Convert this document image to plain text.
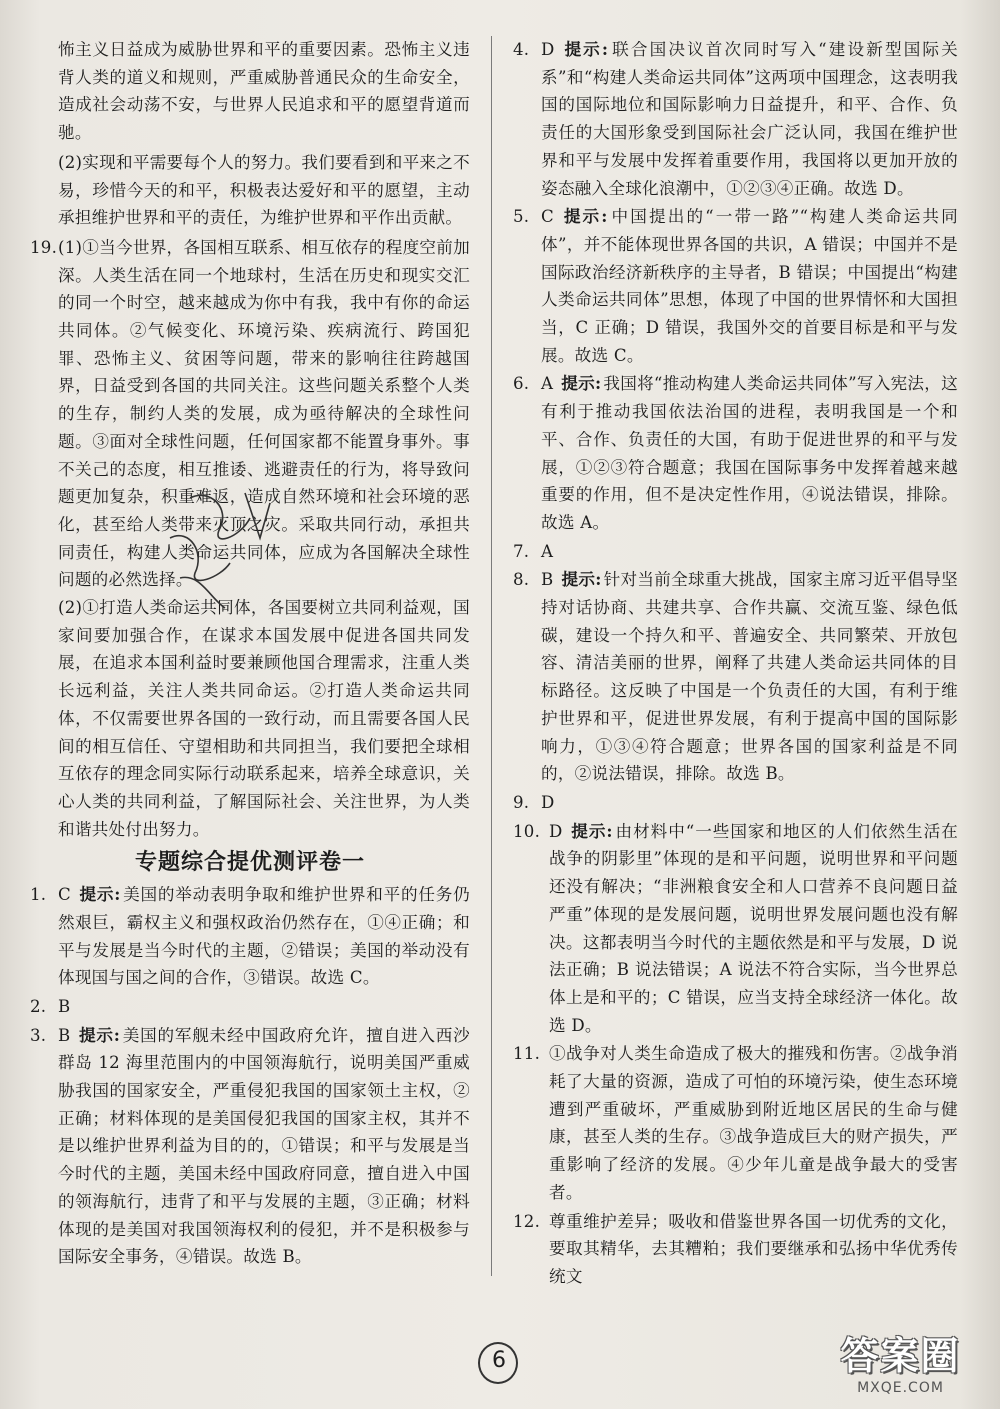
怖主义日益成为威胁世界和平的重要因素。恐怖主义违背人类的道义和规则，严重威胁普通民众的生命安全，造成社会动荡不安，与世界人民追求和平的愿望背道而驰。

(2)实现和平需要每个人的努力。我们要看到和平来之不易，珍惜今天的和平，积极表达爱好和平的愿望，主动承担维护世界和平的责任，为维护世界和平作出贡献。

19. (1)①当今世界，各国相互联系、相互依存的程度空前加深。人类生活在同一个地球村，生活在历史和现实交汇的同一个时空，越来越成为你中有我，我中有你的命运共同体。②气候变化、环境污染、疾病流行、跨国犯罪、恐怖主义、贫困等问题，带来的影响往往跨越国界，日益受到各国的共同关注。这些问题关系整个人类的生存，制约人类的发展，成为亟待解决的全球性问题。③面对全球性问题，任何国家都不能置身事外。事不关己的态度，相互推诿、逃避责任的行为，将导致问题更加复杂，积重难返，造成自然环境和社会环境的恶化，甚至给人类带来灭顶之灾。采取共同行动，承担共同责任，构建人类命运共同体，应成为各国解决全球性问题的必然选择。

(2)①打造人类命运共同体，各国要树立共同利益观，国家间要加强合作，在谋求本国发展中促进各国共同发展，在追求本国利益时要兼顾他国合理需求，注重人类长远利益，关注人类共同命运。②打造人类命运共同体，不仅需要世界各国的一致行动，而且需要各国人民间的相互信任、守望相助和共同担当，我们要把全球相互依存的理念同实际行动联系起来，培养全球意识，关心人类的共同利益，了解国际社会、关注世界，为人类和谐共处付出努力。

专题综合提优测评卷一
1. C 提示: 美国的举动表明争取和维护世界和平的任务仍然艰巨，霸权主义和强权政治仍然存在，①④正确；和平与发展是当今时代的主题，②错误；美国的举动没有体现国与国之间的合作，③错误。故选 C。
2. B
3. B 提示: 美国的军舰未经中国政府允许，擅自进入西沙群岛 12 海里范围内的中国领海航行，说明美国严重威胁我国的国家安全，严重侵犯我国的国家领土主权，②正确；材料体现的是美国侵犯我国的国家主权，其并不是以维护世界利益为目的的，①错误；和平与发展是当今时代的主题，美国未经中国政府同意，擅自进入中国的领海航行，违背了和平与发展的主题，③正确；材料体现的是美国对我国领海权利的侵犯，并不是积极参与国际安全事务，④错误。故选 B。
4. D 提示: 联合国决议首次同时写入“建设新型国际关系”和“构建人类命运共同体”这两项中国理念，这表明我国的国际地位和国际影响力日益提升，和平、合作、负责任的大国形象受到国际社会广泛认同，我国在维护世界和平与发展中发挥着重要作用，我国将以更加开放的姿态融入全球化浪潮中，①②③④正确。故选 D。
5. C 提示: 中国提出的“一带一路”“构建人类命运共同体”，并不能体现世界各国的共识，A 错误；中国并不是国际政治经济新秩序的主导者，B 错误；中国提出“构建人类命运共同体”思想，体现了中国的世界情怀和大国担当，C 正确；D 错误，我国外交的首要目标是和平与发展。故选 C。
6. A 提示: 我国将“推动构建人类命运共同体”写入宪法，这有利于推动我国依法治国的进程，表明我国是一个和平、合作、负责任的大国，有助于促进世界的和平与发展，①②③符合题意；我国在国际事务中发挥着越来越重要的作用，但不是决定性作用，④说法错误，排除。故选 A。
7. A
8. B 提示: 针对当前全球重大挑战，国家主席习近平倡导坚持对话协商、共建共享、合作共赢、交流互鉴、绿色低碳，建设一个持久和平、普遍安全、共同繁荣、开放包容、清洁美丽的世界，阐释了共建人类命运共同体的目标路径。这反映了中国是一个负责任的大国，有利于维护世界和平，促进世界发展，有利于提高中国的国际影响力，①③④符合题意；世界各国的国家利益是不同的，②说法错误，排除。故选 B。
9. D
10. D 提示: 由材料中“一些国家和地区的人们依然生活在战争的阴影里”体现的是和平问题，说明世界和平问题还没有解决；“非洲粮食安全和人口营养不良问题日益严重”体现的是发展问题，说明世界发展问题也没有解决。这都表明当今时代的主题依然是和平与发展，D 说法正确；B 说法错误；A 说法不符合实际，当今世界总体上是和平的；C 错误，应当支持全球经济一体化。故选 D。
11. ①战争对人类生命造成了极大的摧残和伤害。②战争消耗了大量的资源，造成了可怕的环境污染，使生态环境遭到严重破坏，严重威胁到附近地区居民的生命与健康，甚至人类的生存。③战争造成巨大的财产损失，严重影响了经济的发展。④少年儿童是战争最大的受害者。
12. 尊重维护差异；吸收和借鉴世界各国一切优秀的文化，要取其精华，去其糟粕；我们要继承和弘扬中华优秀传统文
6	答案圈
MXQE.COM
